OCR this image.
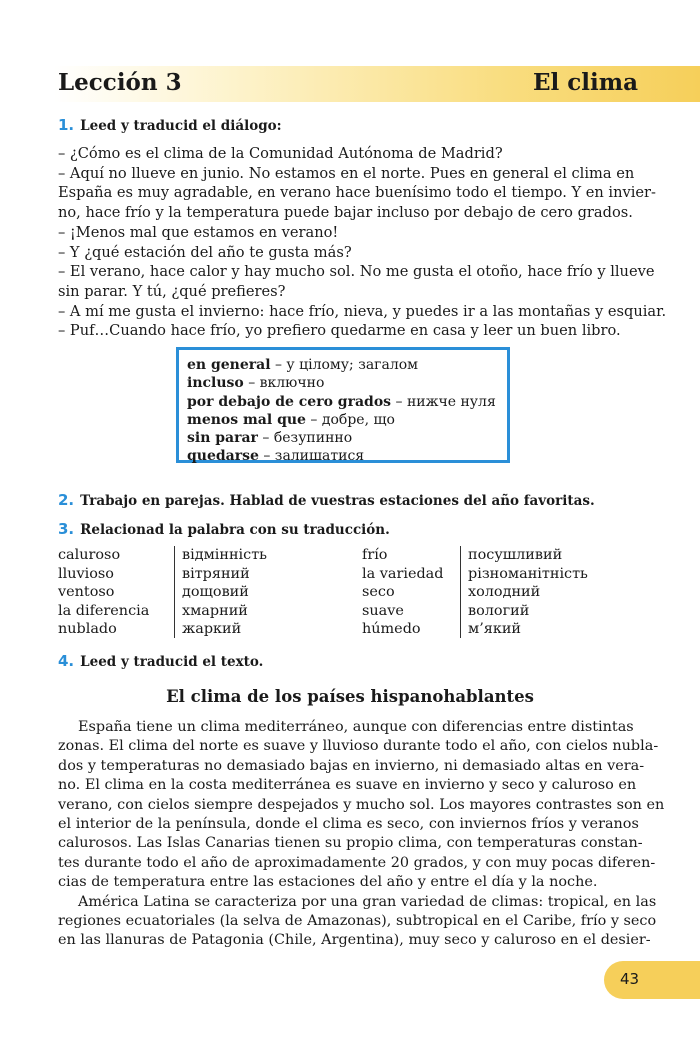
Lección 3	El clima
1. Leed y traducid el diálogo:
– ¿Cómo es el clima de la Comunidad Autónoma de Madrid?
– Aquí no llueve en junio. No estamos en el norte. Pues en general el clima en
España es muy agradable, en verano hace buenísimo todo el tiempo. Y en invier-
no, hace frío y la temperatura puede bajar incluso por debajo de cero grados.
– ¡Menos mal que estamos en verano!
– Y ¿qué estación del año te gusta más?
– El verano, hace calor y hay mucho sol. No me gusta el otoño, hace frío y llueve
sin parar. Y tú, ¿qué prefieres?
– A mí me gusta el invierno: hace frío, nieva, y puedes ir a las montañas y esquiar.
– Puf…Cuando hace frío, yo prefiero quedarme en casa y leer un buen libro.
en general – у цілому; загалом
incluso – включно
por debajo de cero grados – нижче нуля
menos mal que – добре, що
sin parar – безупинно
quedarse – залишатися
2. Trabajo en parejas. Hablad de vuestras estaciones del año favoritas.
3. Relacionad la palabra con su traducción.
caluroso
lluvioso
ventoso
la diferencia
nublado
відмінність
вітряний
дощовий
хмарний
жаркий
frío
la variedad
seco
suave
húmedo
посушливий
різноманітність
холодний
вологий
м’який
4. Leed y traducid el texto.
El clima de los países hispanohablantes
España tiene un clima mediterráneo, aunque con diferencias entre distintas
zonas. El clima del norte es suave y lluvioso durante todo el año, con cielos nubla-
dos y temperaturas no demasiado bajas en invierno, ni demasiado altas en vera-
no. El clima en la costa mediterránea es suave en invierno y seco y caluroso en
verano, con cielos siempre despejados y mucho sol. Los mayores contrastes son en
el interior de la península, donde el clima es seco, con inviernos fríos y veranos
calurosos. Las Islas Canarias tienen su propio clima, con temperaturas constan-
tes durante todo el año de aproximadamente 20 grados, y con muy pocas diferen-
cias de temperatura entre las estaciones del año y entre el día y la noche.
América Latina se caracteriza por una gran variedad de climas: tropical, en las
regiones ecuatoriales (la selva de Amazonas), subtropical en el Caribe, frío y seco
en las llanuras de Patagonia (Chile, Argentina), muy seco y caluroso en el desier-
43
